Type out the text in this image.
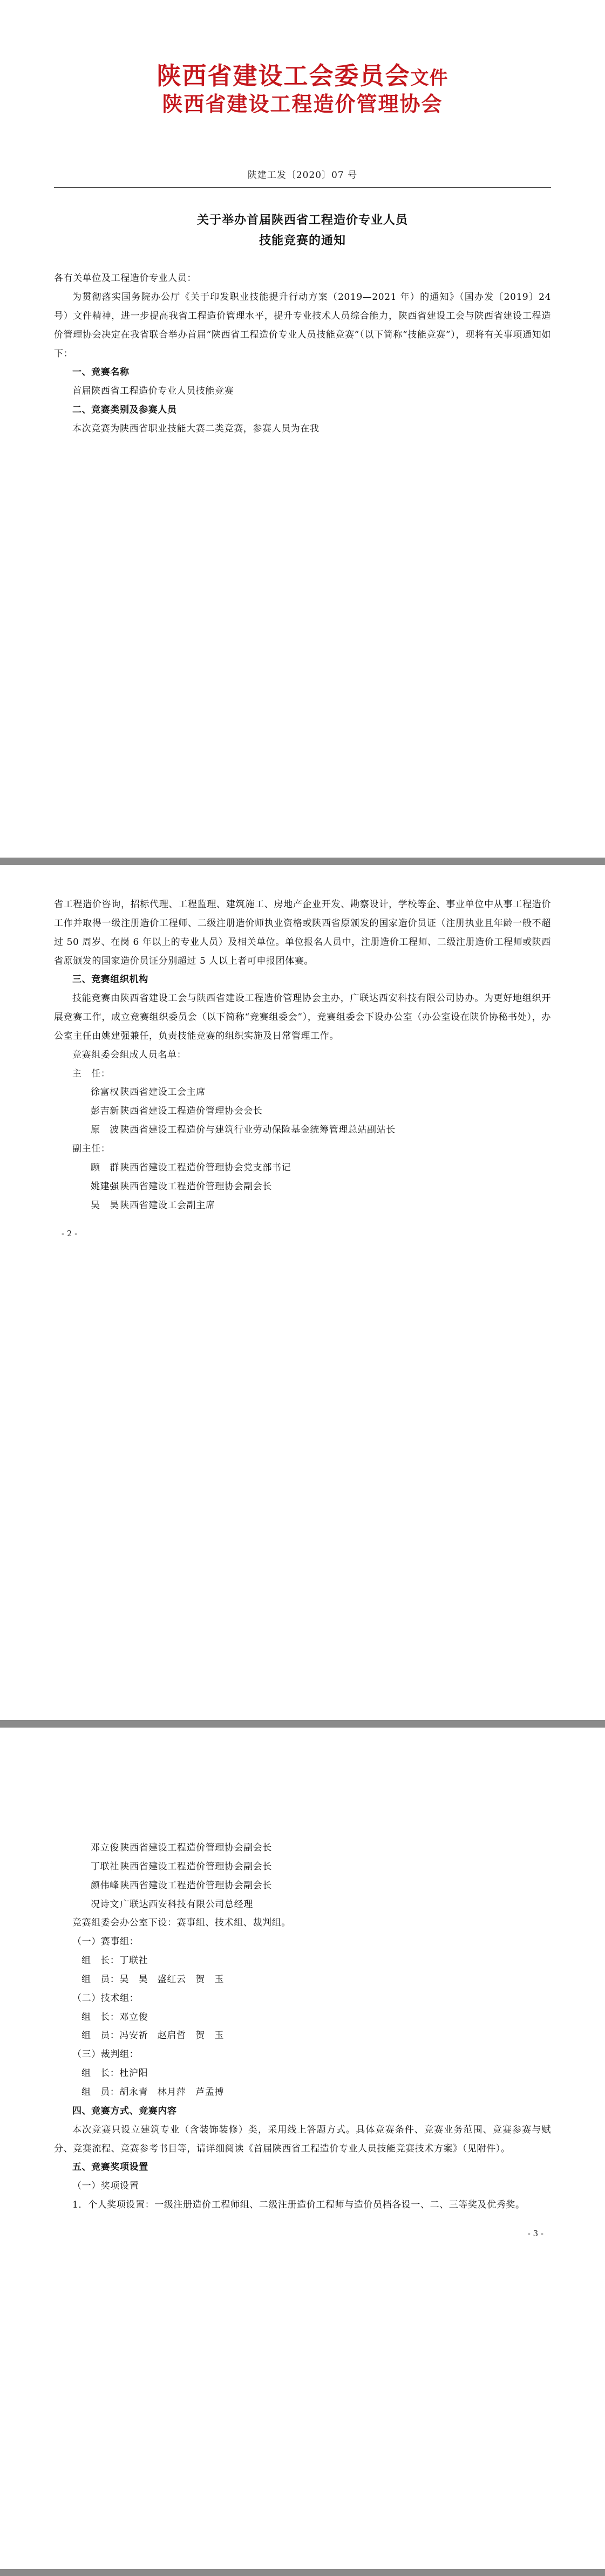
陕西省建设工会委员会文件
陕西省建设工程造价管理协会
陕建工发〔2020〕07 号
关于举办首届陕西省工程造价专业人员
技能竞赛的通知
各有关单位及工程造价专业人员：
为贯彻落实国务院办公厅《关于印发职业技能提升行动方案（2019—2021 年）的通知》（国办发〔2019〕24 号）文件精神，进一步提高我省工程造价管理水平，提升专业技术人员综合能力，陕西省建设工会与陕西省建设工程造价管理协会决定在我省联合举办首届“陕西省工程造价专业人员技能竞赛”（以下简称“技能竞赛”），现将有关事项通知如下：
一、竞赛名称
首届陕西省工程造价专业人员技能竞赛
二、竞赛类别及参赛人员
本次竞赛为陕西省职业技能大赛二类竞赛，参赛人员为在我
省工程造价咨询，招标代理、工程监理、建筑施工、房地产企业开发、勘察设计，学校等企、事业单位中从事工程造价工作并取得一级注册造价工程师、二级注册造价师执业资格或陕西省原颁发的国家造价员证（注册执业且年龄一般不超过 50 周岁、在岗 6 年以上的专业人员）及相关单位。单位报名人员中，注册造价工程师、二级注册造价工程师或陕西省原颁发的国家造价员证分别超过 5 人以上者可申报团体赛。
三、竞赛组织机构
技能竞赛由陕西省建设工会与陕西省建设工程造价管理协会主办，广联达西安科技有限公司协办。为更好地组织开展竞赛工作，成立竞赛组织委员会（以下简称“竞赛组委会”），竞赛组委会下设办公室（办公室设在陕价协秘书处），办公室主任由姚建强兼任，负责技能竞赛的组织实施及日常管理工作。
竞赛组委会组成人员名单：
主　任：
徐富权陕西省建设工会主席
彭吉新陕西省建设工程造价管理协会会长
原　波陕西省建设工程造价与建筑行业劳动保险基金统筹管理总站副站长
副主任：
顾　群陕西省建设工程造价管理协会党支部书记
姚建强陕西省建设工程造价管理协会副会长
吴　昊陕西省建设工会副主席
- 2 -
邓立俊陕西省建设工程造价管理协会副会长
丁联社陕西省建设工程造价管理协会副会长
颜伟峰陕西省建设工程造价管理协会副会长
况诗文广联达西安科技有限公司总经理
竞赛组委会办公室下设：赛事组、技术组、裁判组。
（一）赛事组：
组　长：丁联社
组　员：吴　昊　盛红云　贺　玉
（二）技术组：
组　长：邓立俊
组　员：冯安祈　赵启哲　贺　玉
（三）裁判组：
组　长：杜沪阳
组　员：胡永青　林月萍　芦孟搏
四、竞赛方式、竞赛内容
本次竞赛只设立建筑专业（含装饰装修）类，采用线上答题方式。具体竞赛条件、竞赛业务范围、竞赛参赛与赋分、竞赛流程、竞赛参考书目等，请详细阅读《首届陕西省工程造价专业人员技能竞赛技术方案》（见附件）。
五、竞赛奖项设置
（一）奖项设置
1．个人奖项设置：一级注册造价工程师组、二级注册造价工程师与造价员档各设一、二、三等奖及优秀奖。
- 3 -
